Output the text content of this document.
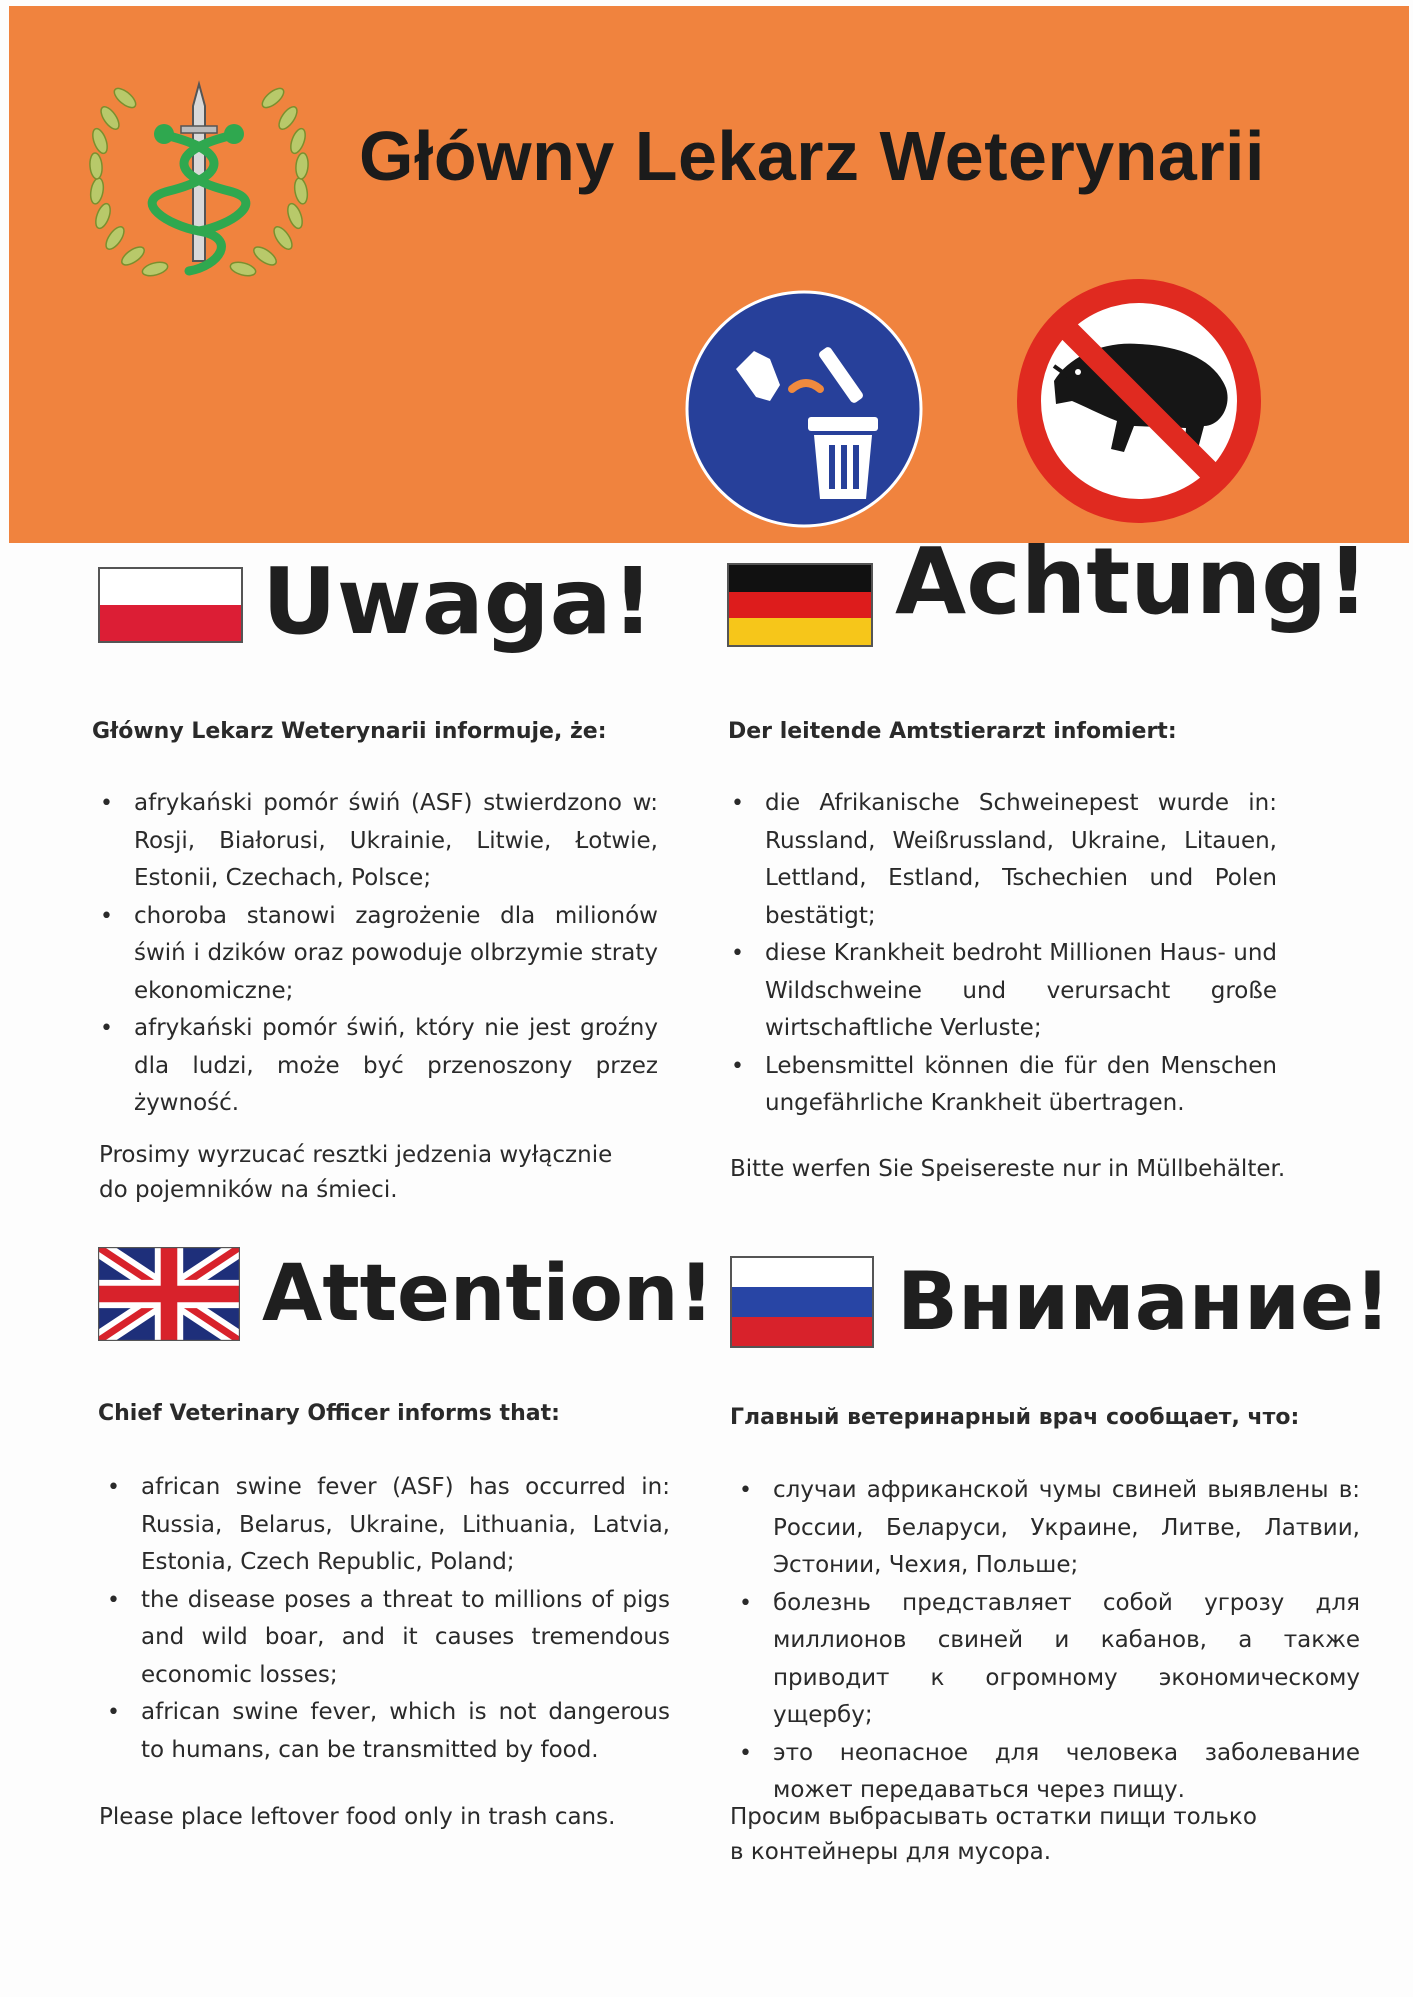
Główny Lekarz Weterynarii
Uwaga!
Główny Lekarz Weterynarii informuje, że:
• afrykański pomór świń (ASF) stwierdzono w: Rosji, Białorusi, Ukrainie, Litwie, Łotwie, Estonii, Czechach, Polsce;
• choroba stanowi zagrożenie dla milionów świń i dzików oraz powoduje olbrzymie straty ekonomiczne;
• afrykański pomór świń, który nie jest groźny dla ludzi, może być przenoszony przez żywność.
Prosimy wyrzucać resztki jedzenia wyłącznie
do pojemników na śmieci.
Achtung!
Der leitende Amtstierarzt infomiert:
• die Afrikanische Schweinepest wurde in: Russland, Weißrussland, Ukraine, Litauen, Lettland, Estland, Tschechien und Polen bestätigt;
• diese Krankheit bedroht Millionen Haus- und Wildschweine und verursacht große wirtschaftliche Verluste;
• Lebensmittel können die für den Menschen ungefährliche Krankheit übertragen.
Bitte werfen Sie Speisereste nur in Müllbehälter.
Attention!
Chief Veterinary Officer informs that:
• african swine fever (ASF) has occurred in: Russia, Belarus, Ukraine, Lithuania, Latvia, Estonia, Czech Republic, Poland;
• the disease poses a threat to millions of pigs and wild boar, and it causes tremendous economic losses;
• african swine fever, which is not dangerous to humans, can be transmitted by food.
Please place leftover food only in trash cans.
Внимание!
Главный ветеринарный врач сообщает, что:
• случаи африканской чумы свиней выявлены в: России, Беларуси, Украине, Литве, Латвии, Эстонии, Чехия, Польше;
• болезнь представляет собой угрозу для миллионов свиней и кабанов, а также приводит к огромному экономическому ущербу;
• это неопасное для человека заболевание может передаваться через пищу.
Просим выбрасывать остатки пищи только
в контейнеры для мусора.
